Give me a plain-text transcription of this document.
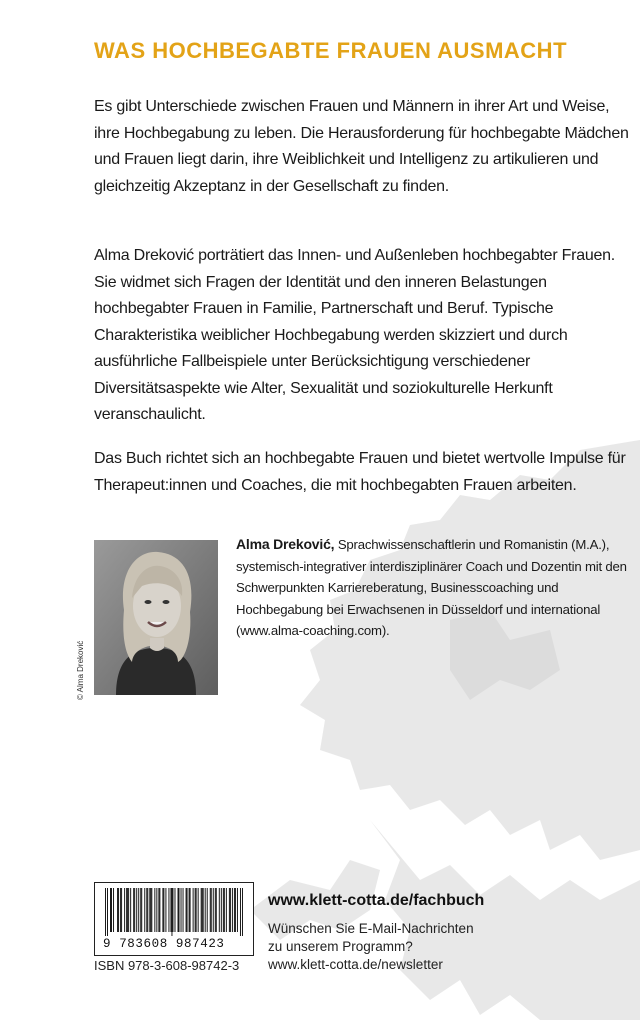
WAS HOCHBEGABTE FRAUEN AUSMACHT

Es gibt Unterschiede zwischen Frauen und Männern in ihrer Art und Weise, ihre Hochbegabung zu leben. Die Herausforderung für hochbegabte Mädchen und Frauen liegt darin, ihre Weiblichkeit und Intelligenz zu artikulieren und gleichzeitig Akzeptanz in der Gesellschaft zu finden.

Alma Dreković porträtiert das Innen- und Außenleben hochbegabter Frauen. Sie widmet sich Fragen der Identität und den inneren Belastungen hochbegabter Frauen in Familie, Partnerschaft und Beruf. Typische Charakteristika weiblicher Hochbegabung werden skizziert und durch ausführliche Fallbeispiele unter Berücksichtigung verschiedener Diversitätsaspekte wie Alter, Sexualität und soziokulturelle Herkunft veranschaulicht.

Das Buch richtet sich an hochbegabte Frauen und bietet wertvolle Impulse für Therapeut:innen und Coaches, die mit hochbegabten Frauen arbeiten.

© Alma Dreković

Alma Dreković, Sprachwissenschaftlerin und Romanistin (M.A.), systemisch-integrativer interdisziplinärer Coach und Dozentin mit den Schwerpunkten Karriereberatung, Businesscoaching und Hochbegabung bei Erwachsenen in Düsseldorf und international (www.alma-coaching.com).

9 783608 987423
ISBN 978-3-608-98742-3
www.klett-cotta.de/fachbuch

Wünschen Sie E-Mail-Nachrichten
zu unserem Programm?
www.klett-cotta.de/newsletter
